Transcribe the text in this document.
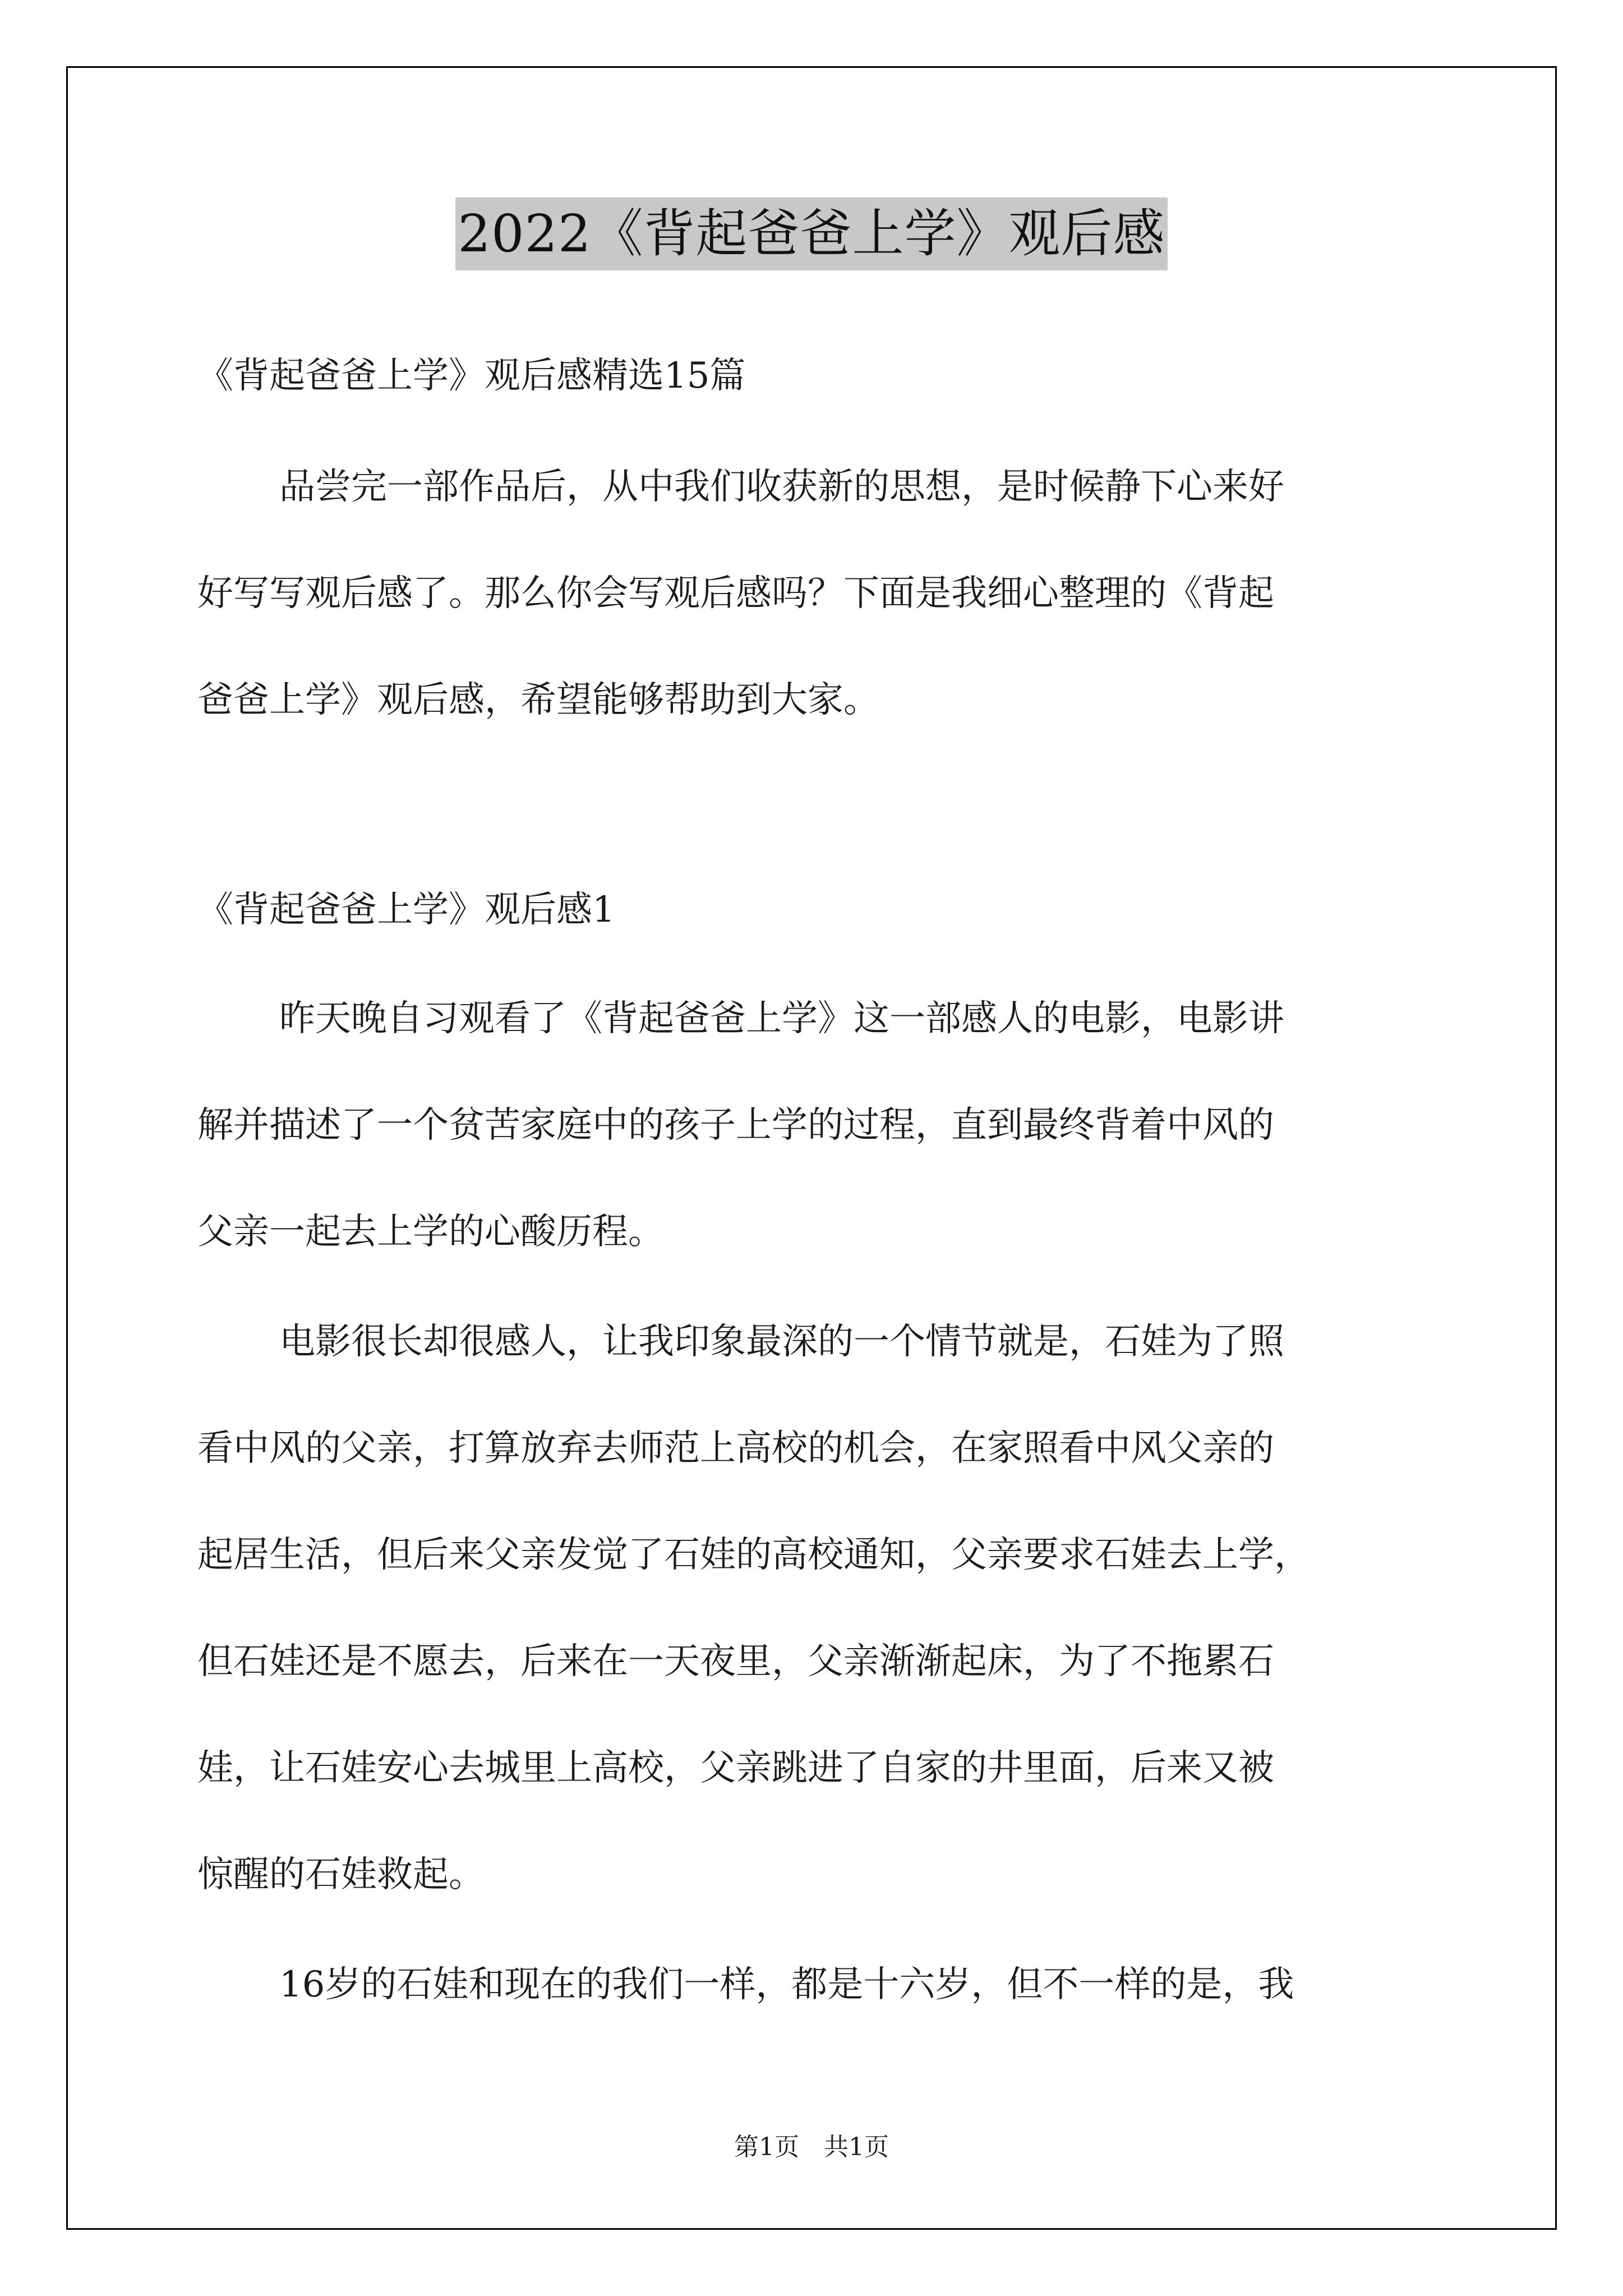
2022《背起爸爸上学》观后感
《背起爸爸上学》观后感精选15篇
品尝完一部作品后，从中我们收获新的思想，是时候静下心来好
好写写观后感了。那么你会写观后感吗？下面是我细心整理的《背起
爸爸上学》观后感，希望能够帮助到大家。
《背起爸爸上学》观后感1
昨天晚自习观看了《背起爸爸上学》这一部感人的电影，电影讲
解并描述了一个贫苦家庭中的孩子上学的过程，直到最终背着中风的
父亲一起去上学的心酸历程。
电影很长却很感人，让我印象最深的一个情节就是，石娃为了照
看中风的父亲，打算放弃去师范上高校的机会，在家照看中风父亲的
起居生活，但后来父亲发觉了石娃的高校通知，父亲要求石娃去上学，
但石娃还是不愿去，后来在一天夜里，父亲渐渐起床，为了不拖累石
娃，让石娃安心去城里上高校，父亲跳进了自家的井里面，后来又被
惊醒的石娃救起。
16岁的石娃和现在的我们一样，都是十六岁，但不一样的是，我
第1页　共1页
